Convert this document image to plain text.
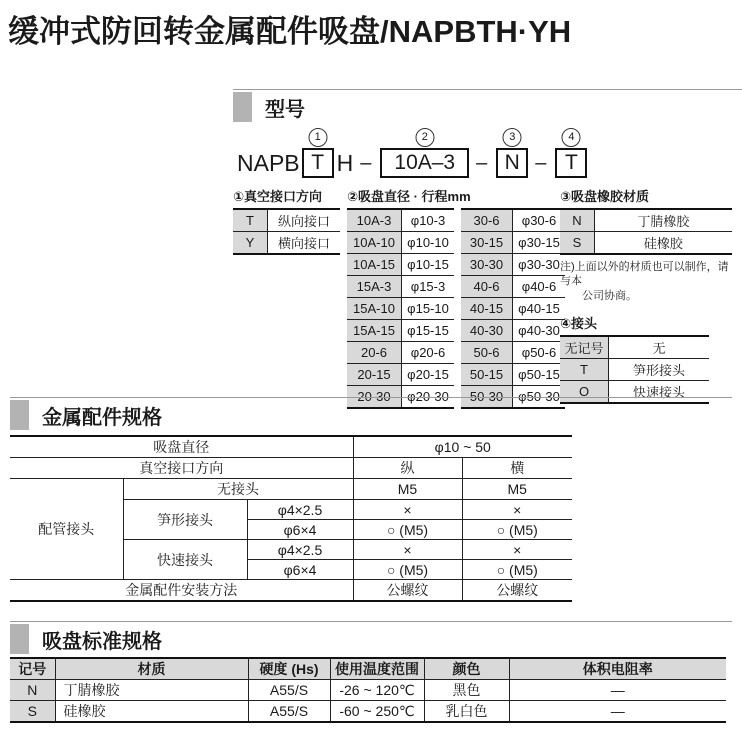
缓冲式防回转金属配件吸盘/NAPBTH·YH
型号
NAPB
1
T H –
2
10A–3 –
3
N –
4
T
①真空接口方向
T	纵向接口
Y	横向接口
②吸盘直径 · 行程mm
10A-3	φ10-3
10A-10	φ10-10
10A-15	φ10-15
15A-3	φ15-3
15A-10	φ15-10
15A-15	φ15-15
20-6	φ20-6
20-15	φ20-15
20-30	φ20-30
30-6	φ30-6
30-15	φ30-15
30-30	φ30-30
40-6	φ40-6
40-15	φ40-15
40-30	φ40-30
50-6	φ50-6
50-15	φ50-15
50-30	φ50-30
③吸盘橡胶材质
N	丁腈橡胶
S	硅橡胶
注)上面以外的材质也可以制作，请与本
公司协商。
④接头
无记号	无
T	笋形接头
O	快速接头
金属配件规格
吸盘直径			φ10 ~ 50	
真空接口方向			纵	横
配管接头	无接头		M5	M5
	笋形接头	φ4×2.5	×	×
		φ6×4	○ (M5)	○ (M5)
	快速接头	φ4×2.5	×	×
		φ6×4	○ (M5)	○ (M5)
金属配件安装方法			公螺纹	公螺纹
吸盘标准规格
记号	材质	硬度 (Hs)	使用温度范围	颜色	体积电阻率
N	丁腈橡胶	A55/S	-26 ~ 120℃	黑色	—
S	硅橡胶	A55/S	-60 ~ 250℃	乳白色	—
